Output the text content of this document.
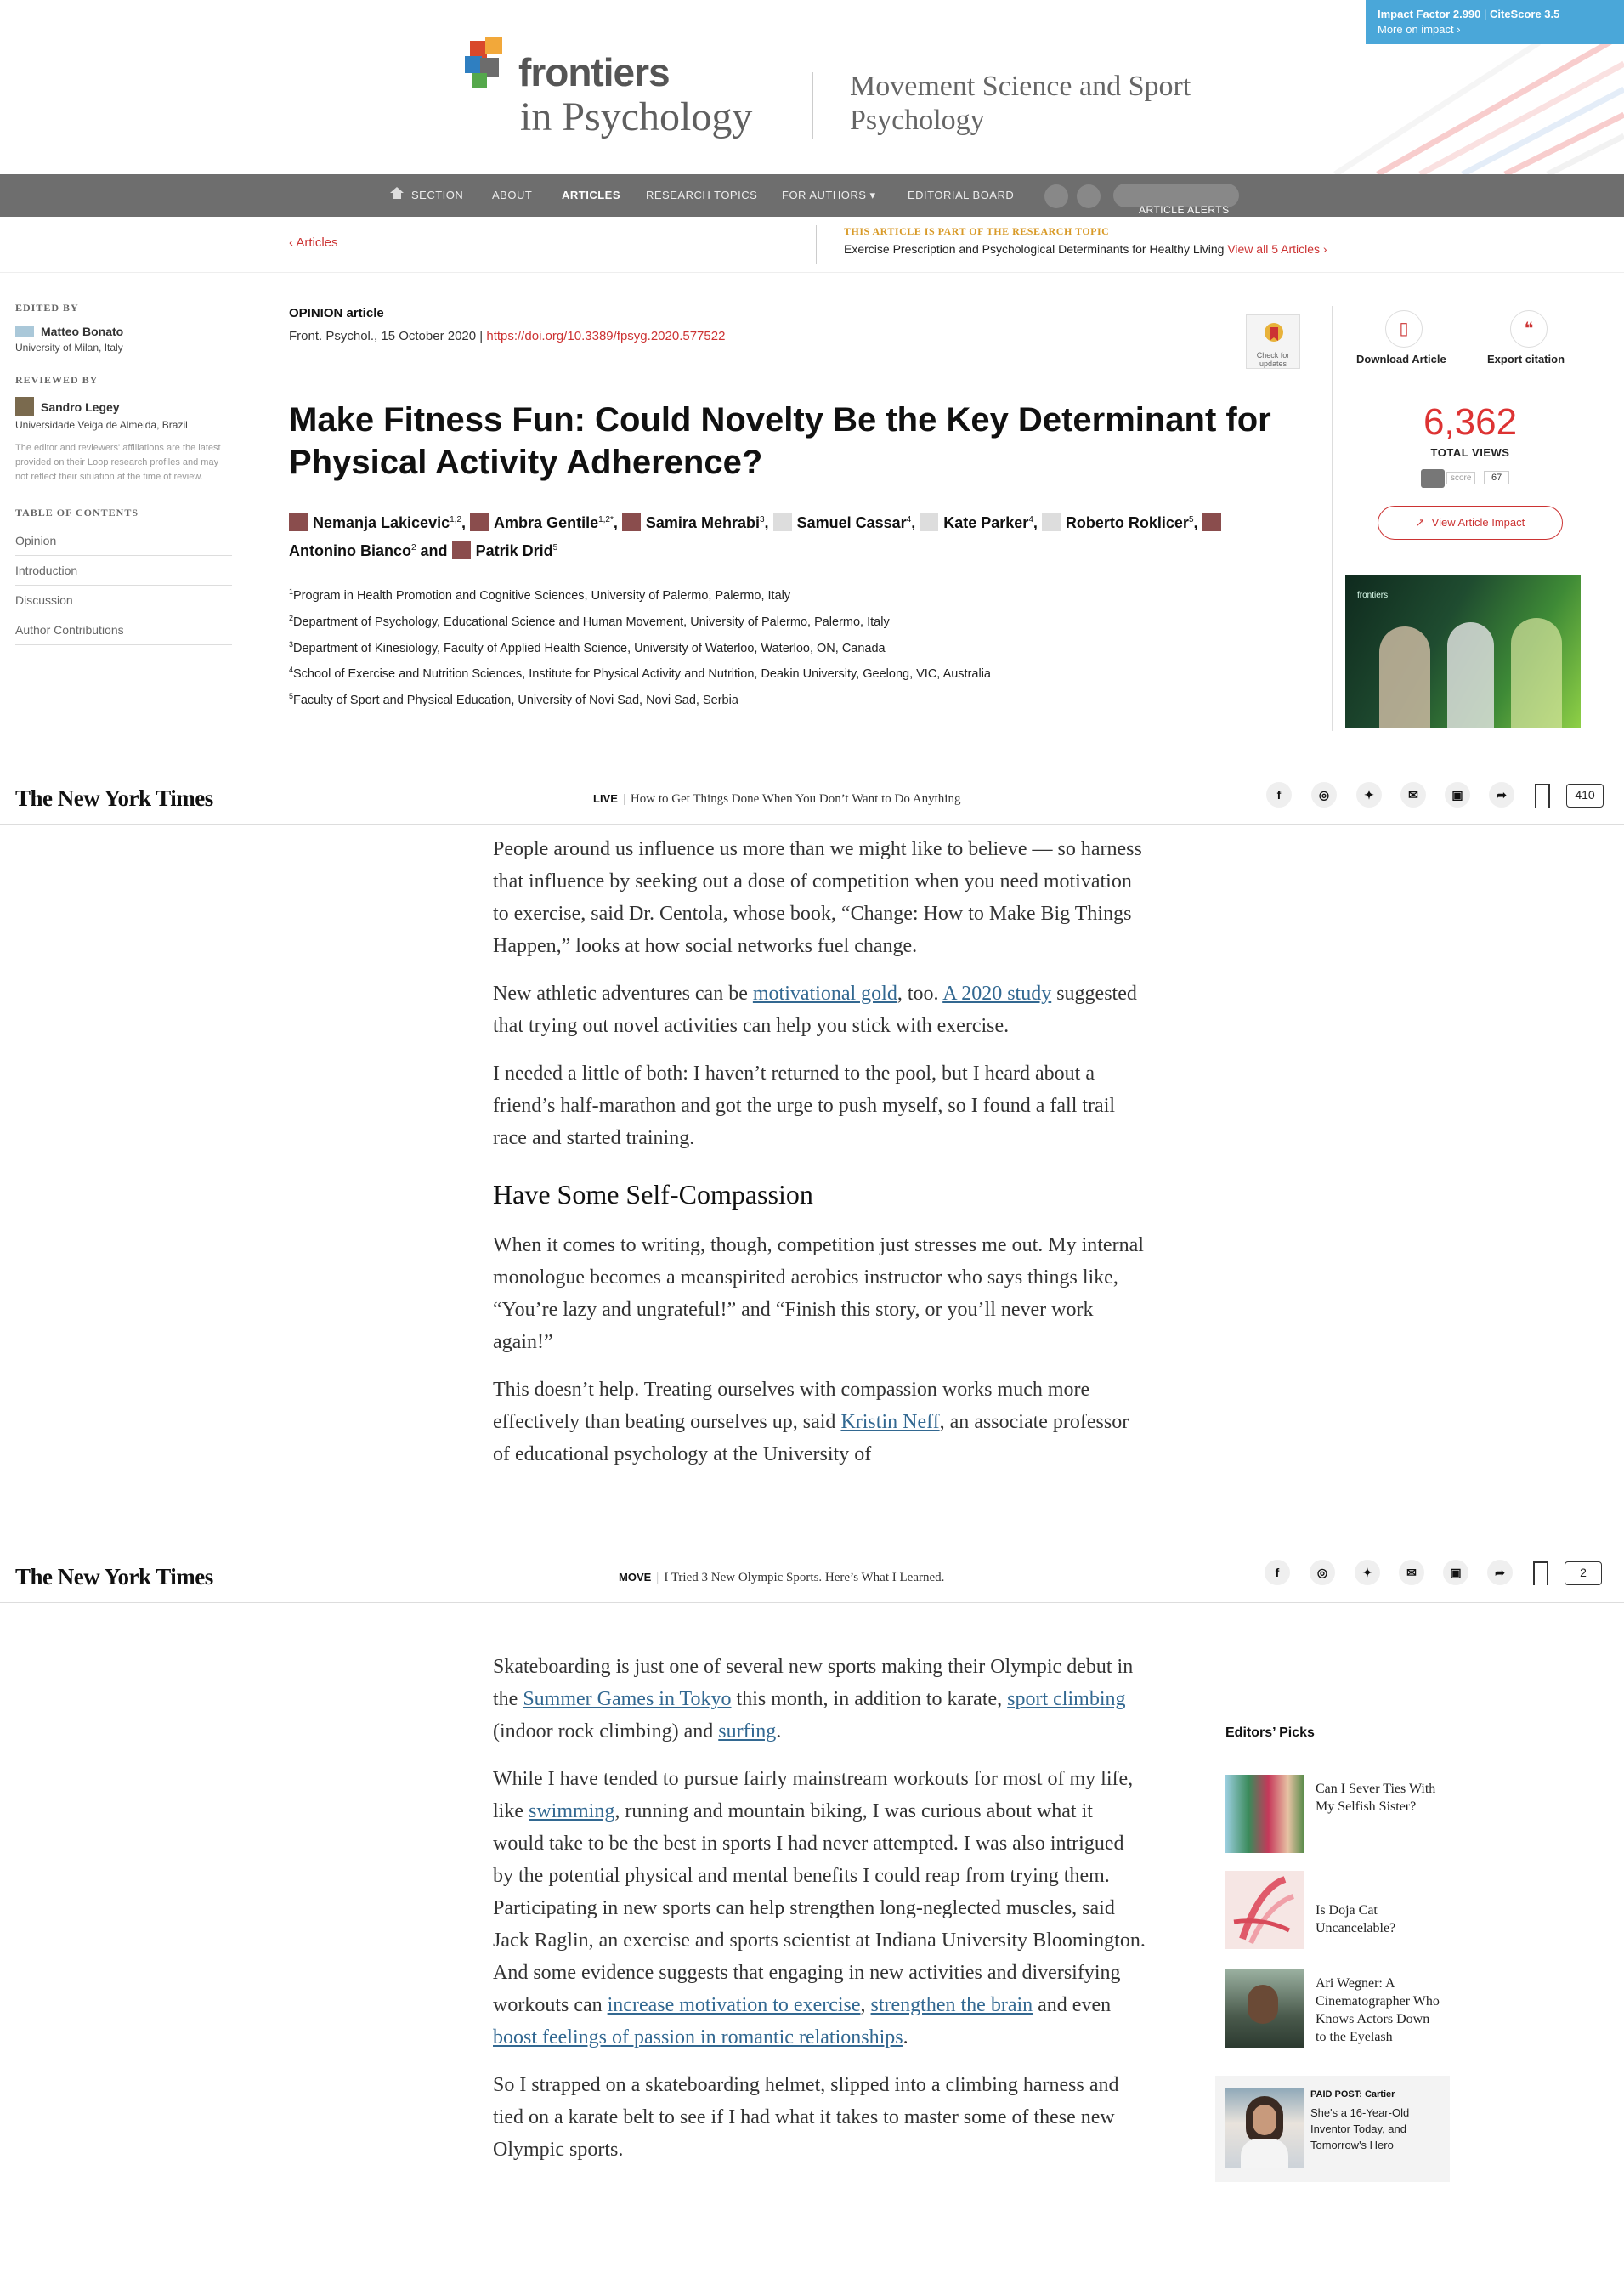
Impact Factor 2.990 | CiteScore 3.5
More on impact ›
frontiers
in Psychology
Movement Science and Sport
Psychology
SECTION	ABOUT	ARTICLES RESEARCH TOPICS FOR AUTHORS ▾	EDITORIAL BOARD
ARTICLE ALERTS
‹ Articles
THIS ARTICLE IS PART OF THE RESEARCH TOPIC
Exercise Prescription and Psychological Determinants for Healthy Living View all 5 Articles ›
EDITED BY
Matteo Bonato
University of Milan, Italy
REVIEWED BY
Sandro Legey
Universidade Veiga de Almeida, Brazil
The editor and reviewers' affiliations are the latest provided on their Loop research profiles and may not reflect their situation at the time of review.
TABLE OF CONTENTS
Opinion
Introduction
Discussion
Author Contributions
OPINION article
Front. Psychol., 15 October 2020 | https://doi.org/10.3389/fpsyg.2020.577522
Make Fitness Fun: Could Novelty Be the Key Determinant for Physical Activity Adherence?
Nemanja Lakicevic$^{1,2}$, Ambra Gentile$^{1,2*}$, Samira Mehrabi$^3$, Samuel Cassar$^4$, Kate Parker$^4$, Roberto Roklicer$^5$, Antonino Bianco$^2$ and Patrik Drid$^5$
$^1$Program in Health Promotion and Cognitive Sciences, University of Palermo, Palermo, Italy
$^2$Department of Psychology, Educational Science and Human Movement, University of Palermo, Palermo, Italy
$^3$Department of Kinesiology, Faculty of Applied Health Science, University of Waterloo, Waterloo, ON, Canada
$^4$School of Exercise and Nutrition Sciences, Institute for Physical Activity and Nutrition, Deakin University, Geelong, VIC, Australia
$^5$Faculty of Sport and Physical Education, University of Novi Sad, Novi Sad, Serbia
Check for updates
▯
Download Article
❝
Export citation
6,362
TOTAL VIEWS
score	67
↗ View Article Impact
frontiers
The New York Times	LIVE | How to Get Things Done When You Don’t Want to Do Anything	f	◎	✦	✉	▣	➦	410

People around us influence us more than we might like to believe — so harness that influence by seeking out a dose of competition when you need motivation to exercise, said Dr. Centola, whose book, “Change: How to Make Big Things Happen,” looks at how social networks fuel change.

New athletic adventures can be motivational gold, too. A 2020 study suggested that trying out novel activities can help you stick with exercise.

I needed a little of both: I haven’t returned to the pool, but I heard about a friend’s half-marathon and got the urge to push myself, so I found a fall trail race and started training.

Have Some Self-Compassion

When it comes to writing, though, competition just stresses me out. My internal monologue becomes a meanspirited aerobics instructor who says things like, “You’re lazy and ungrateful!” and “Finish this story, or you’ll never work again!”

This doesn’t help. Treating ourselves with compassion works much more effectively than beating ourselves up, said Kristin Neff, an associate professor of educational psychology at the University of

The New York Times	MOVE | I Tried 3 New Olympic Sports. Here’s What I Learned.	f	◎	✦	✉	▣	➦	2

Skateboarding is just one of several new sports making their Olympic debut in the Summer Games in Tokyo this month, in addition to karate, sport climbing (indoor rock climbing) and surfing.

While I have tended to pursue fairly mainstream workouts for most of my life, like swimming, running and mountain biking, I was curious about what it would take to be the best in sports I had never attempted. I was also intrigued by the potential physical and mental benefits I could reap from trying them. Participating in new sports can help strengthen long-neglected muscles, said Jack Raglin, an exercise and sports scientist at Indiana University Bloomington. And some evidence suggests that engaging in new activities and diversifying workouts can increase motivation to exercise, strengthen the brain and even boost feelings of passion in romantic relationships.

So I strapped on a skateboarding helmet, slipped into a climbing harness and tied on a karate belt to see if I had what it takes to master some of these new Olympic sports.

Editors’ Picks
Can I Sever Ties With My Selfish Sister?
Is Doja Cat Uncancelable?
Ari Wegner: A Cinematographer Who Knows Actors Down to the Eyelash
PAID POST: Cartier
She's a 16-Year-Old Inventor Today, and Tomorrow's Hero
